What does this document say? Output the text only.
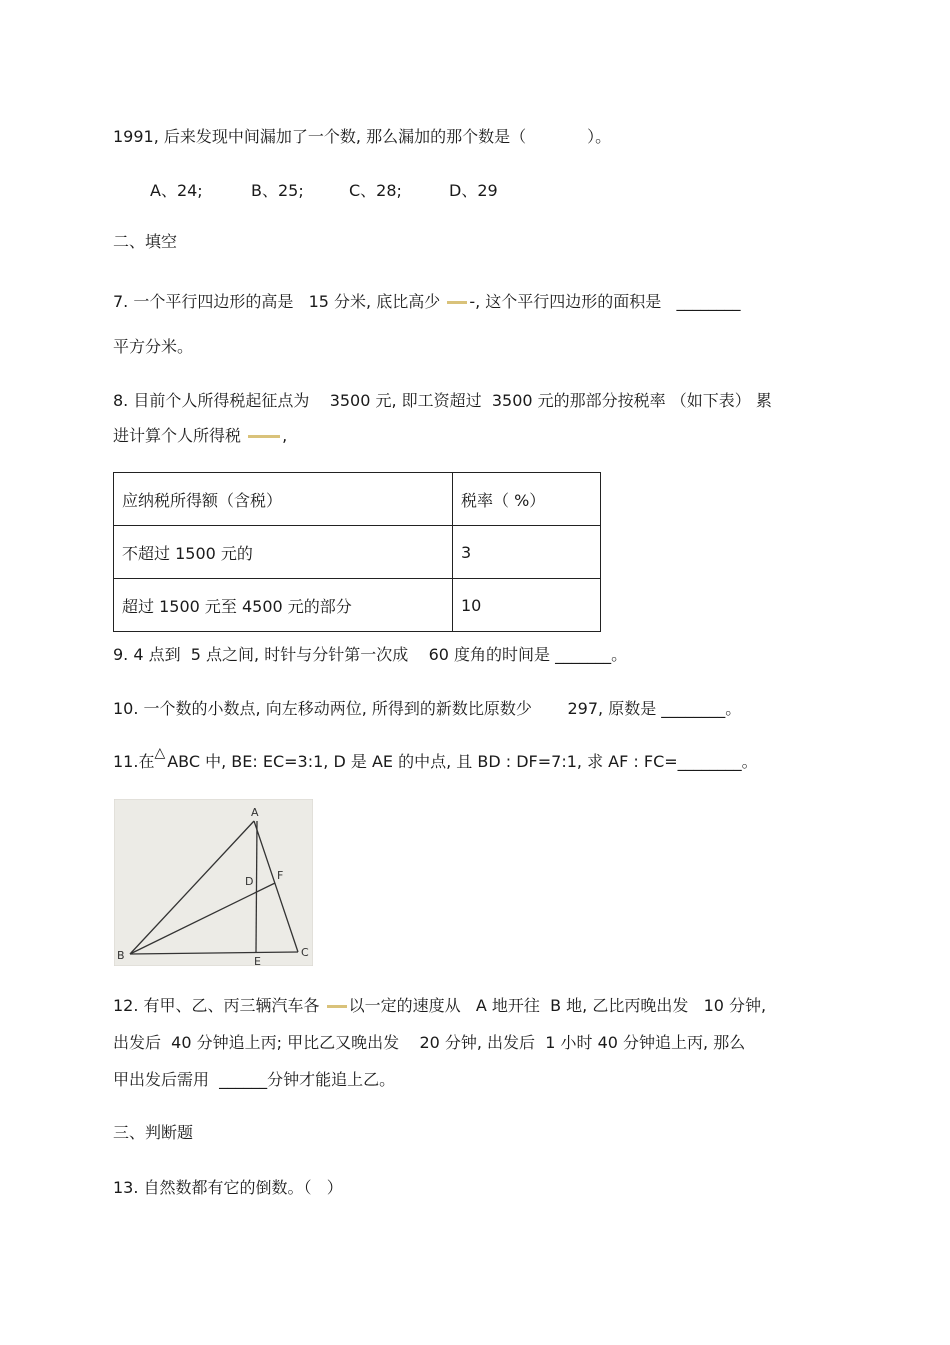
1991, 后来发现中间漏加了一个数, 那么漏加的那个数是（            ）。
A、24;	B、25;	C、28;	D、29
二、填空
7. 一个平行四边形的高是   15 分米, 底比高少 -, 这个平行四边形的面积是   ________
平方分米。
8. 目前个人所得税起征点为    3500 元, 即工资超过  3500 元的那部分按税率 （如下表） 累
进计算个人所得税	,
应纳税所得额（含税）	税率（ %）
不超过 1500 元的	3
超过 1500 元至 4500 元的部分	10
9. 4 点到  5 点之间, 时针与分针第一次成    60 度角的时间是 _______。
10. 一个数的小数点, 向左移动两位, 所得到的新数比原数少       297, 原数是 ________。
11.在△ ABC 中, BE: EC=3:1, D 是 AE 的中点, 且 BD : DF=7:1, 求 AF : FC=________。
A
B	C
D
E
F
12. 有甲、乙、丙三辆汽车各 以一定的速度从   A 地开往  B 地, 乙比丙晚出发   10 分钟,
出发后  40 分钟追上丙; 甲比乙又晚出发    20 分钟, 出发后  1 小时 40 分钟追上丙, 那么
甲出发后需用  ______分钟才能追上乙。
三、判断题
13. 自然数都有它的倒数。（   ）
